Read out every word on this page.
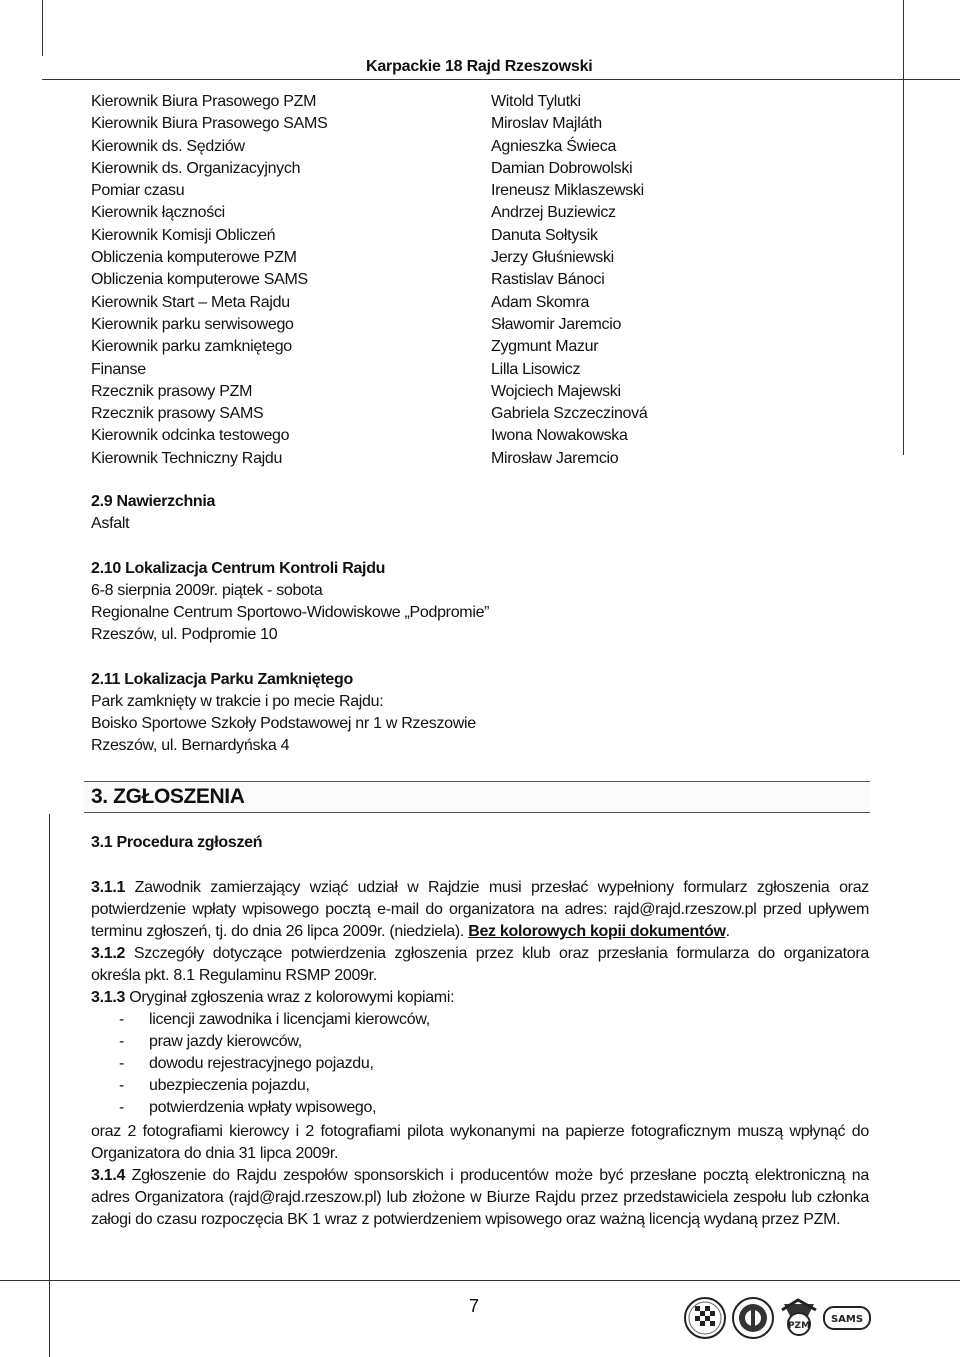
Karpackie 18 Rajd Rzeszowski
Kierownik Biura Prasowego PZM
Kierownik Biura Prasowego SAMS
Kierownik ds. Sędziów
Kierownik ds. Organizacyjnych
Pomiar czasu
Kierownik łączności
Kierownik Komisji Obliczeń
Obliczenia komputerowe PZM
Obliczenia komputerowe SAMS
Kierownik Start – Meta Rajdu
Kierownik parku serwisowego
Kierownik parku zamkniętego
Finanse
Rzecznik prasowy PZM
Rzecznik prasowy SAMS
Kierownik odcinka testowego
Kierownik Techniczny Rajdu
Witold Tylutki
Miroslav Majláth
Agnieszka Świeca
Damian Dobrowolski
Ireneusz Miklaszewski
Andrzej Buziewicz
Danuta Sołtysik
Jerzy Głuśniewski
Rastislav Bánoci
Adam Skomra
Sławomir Jaremcio
Zygmunt Mazur
Lilla Lisowicz
Wojciech Majewski
Gabriela Szczeczinová
Iwona Nowakowska
Mirosław Jaremcio
2.9 Nawierzchnia
Asfalt
2.10 Lokalizacja Centrum Kontroli Rajdu
6-8 sierpnia 2009r. piątek - sobota
Regionalne Centrum Sportowo-Widowiskowe „Podpromie”
Rzeszów, ul. Podpromie 10
2.11 Lokalizacja Parku Zamkniętego
Park zamknięty w trakcie i po mecie Rajdu:
Boisko Sportowe Szkoły Podstawowej nr 1 w Rzeszowie
Rzeszów, ul. Bernardyńska 4
3. ZGŁOSZENIA
3.1 Procedura zgłoszeń

3.1.1 Zawodnik zamierzający wziąć udział w Rajdzie musi przesłać wypełniony formularz zgłoszenia oraz potwierdzenie wpłaty wpisowego pocztą e-mail do organizatora na adres: rajd@rajd.rzeszow.pl przed upływem terminu zgłoszeń, tj. do dnia 26 lipca 2009r. (niedziela). Bez kolorowych kopii dokumentów.

3.1.2 Szczegóły dotyczące potwierdzenia zgłoszenia przez klub oraz przesłania formularza do organizatora określa pkt. 8.1 Regulaminu RSMP 2009r.

3.1.3 Oryginał zgłoszenia wraz z kolorowymi kopiami:

- licencji zawodnika i licencjami kierowców,
- praw jazdy kierowców,
- dowodu rejestracyjnego pojazdu,
- ubezpieczenia pojazdu,
- potwierdzenia wpłaty wpisowego,

oraz 2 fotografiami kierowcy i 2 fotografiami pilota wykonanymi na papierze fotograficznym muszą wpłynąć do Organizatora do dnia 31 lipca 2009r.

3.1.4 Zgłoszenie do Rajdu zespołów sponsorskich i producentów może być przesłane pocztą elektroniczną na adres Organizatora (rajd@rajd.rzeszow.pl) lub złożone w Biurze Rajdu przez przedstawiciela zespołu lub członka załogi do czasu rozpoczęcia BK 1 wraz z potwierdzeniem wpisowego oraz ważną licencją wydaną przez PZM.

7
PZM
SAMS
